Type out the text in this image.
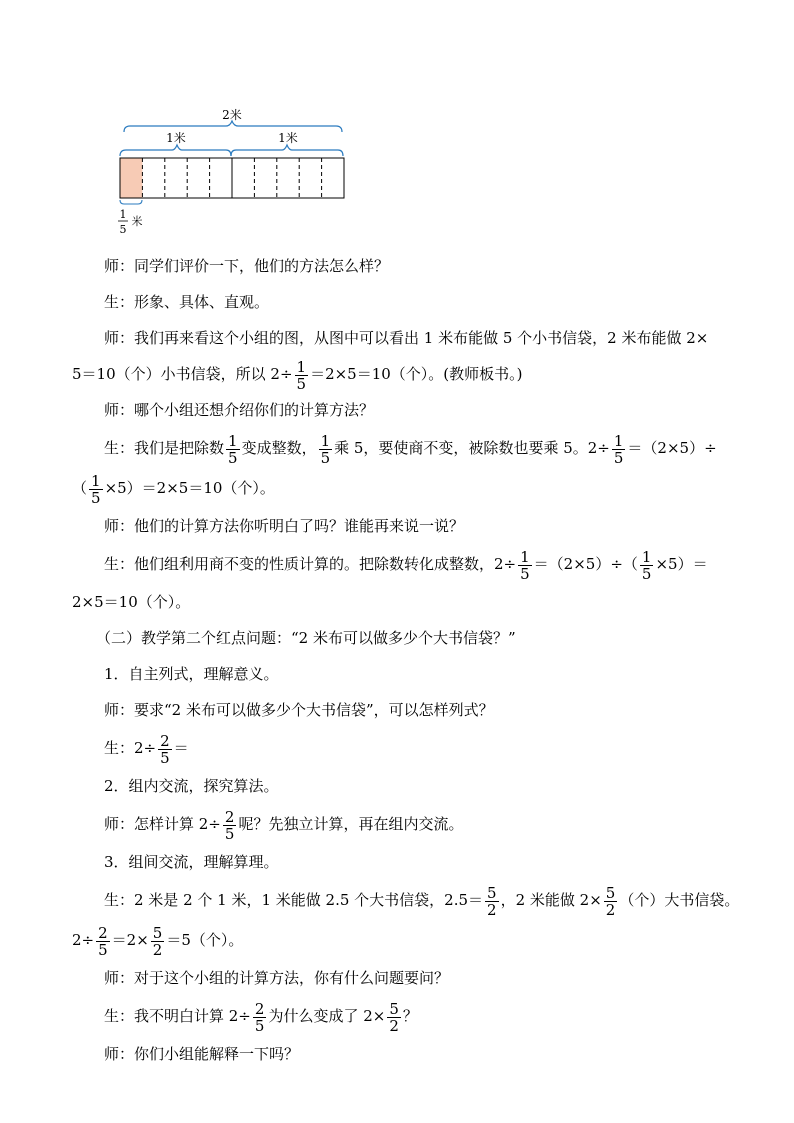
2米
1米	1米
1
5
米
师：同学们评价一下，他们的方法怎么样？
生：形象、具体、直观。
师：我们再来看这个小组的图，从图中可以看出 1 米布能做 5 个小书信袋，2 米布能做 2×
5＝10（个）小书信袋，所以 $2\div \frac{1}{5} =2\times 5=10$（个）。(教师板书。)
师：哪个小组还想介绍你们的计算方法？
生：我们是把除数 $\frac{1}{5}$ 变成整数， $\frac{1}{5}$ 乘 5，要使商不变，被除数也要乘 5。$2\div \frac{1}{5} =(2\times 5)\div$
（ $\frac{1}{5} \times 5)=2\times 5=10$（个）。
师：他们的计算方法你听明白了吗？谁能再来说一说？
生：他们组利用商不变的性质计算的。把除数转化成整数，$2\div \frac{1}{5} =(2\times 5)\div( \frac{1}{5} \times 5)=$
2×5＝10（个）。
（二）教学第二个红点问题：“2 米布可以做多少个大书信袋？”
1．自主列式，理解意义。
师：要求“2 米布可以做多少个大书信袋”，可以怎样列式？
生：$2\div \frac{2}{5}$ ＝
2．组内交流，探究算法。
师：怎样计算 $2\div \frac{2}{5}$ 呢？先独立计算，再在组内交流。
3．组间交流，理解算理。
生：2 米是 2 个 1 米，1 米能做 2.5 个大书信袋，$2.5= \frac{5}{2}$ ，2 米能做 $2\times \frac{5}{2}$ （个）大书信袋。
$2\div \frac{2}{5} =2\times \frac{5}{2} =5$（个）。
师：对于这个小组的计算方法，你有什么问题要问？
生：我不明白计算 $2\div \frac{2}{5}$ 为什么变成了 $2\times \frac{5}{2}$ ？
师：你们小组能解释一下吗？
